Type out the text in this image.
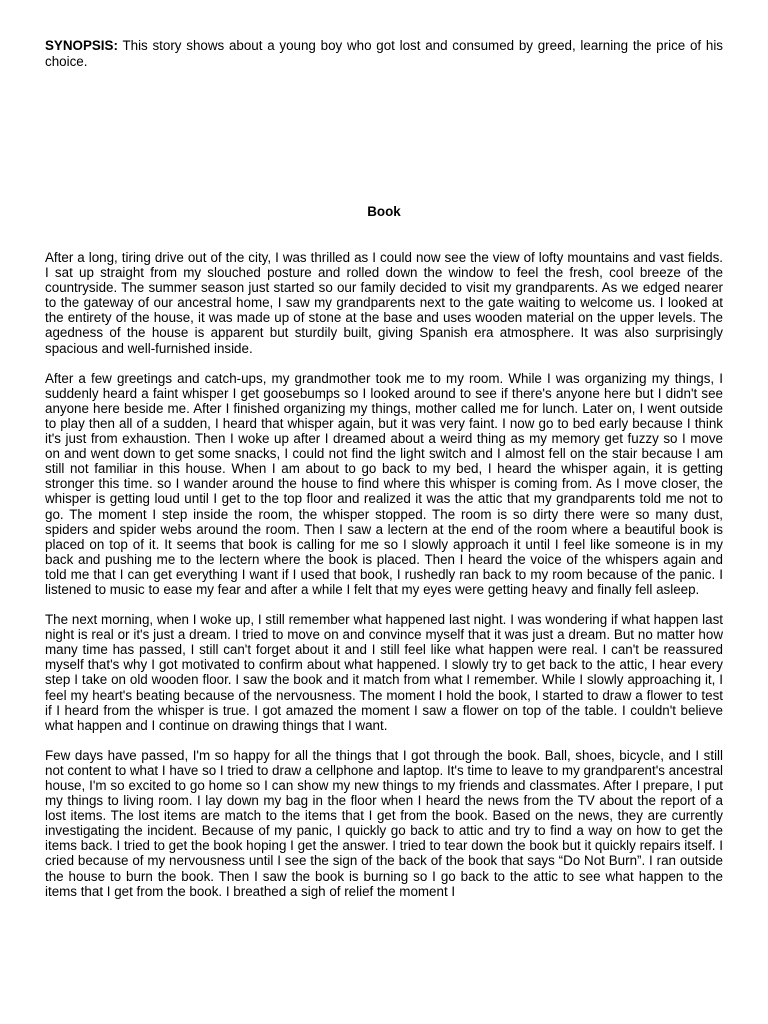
SYNOPSIS: This story shows about a young boy who got lost and consumed by greed, learning the price of his choice.

Book

After a long, tiring drive out of the city, I was thrilled as I could now see the view of lofty mountains and vast fields. I sat up straight from my slouched posture and rolled down the window to feel the fresh, cool breeze of the countryside. The summer season just started so our family decided to visit my grandparents. As we edged nearer to the gateway of our ancestral home, I saw my grandparents next to the gate waiting to welcome us. I looked at the entirety of the house, it was made up of stone at the base and uses wooden material on the upper levels. The agedness of the house is apparent but sturdily built, giving Spanish era atmosphere. It was also surprisingly spacious and well-furnished inside.

After a few greetings and catch-ups, my grandmother took me to my room. While I was organizing my things, I suddenly heard a faint whisper I get goosebumps so I looked around to see if there's anyone here but I didn't see anyone here beside me. After I finished organizing my things, mother called me for lunch. Later on, I went outside to play then all of a sudden, I heard that whisper again, but it was very faint. I now go to bed early because I think it's just from exhaustion. Then I woke up after I dreamed about a weird thing as my memory get fuzzy so I move on and went down to get some snacks, I could not find the light switch and I almost fell on the stair because I am still not familiar in this house. When I am about to go back to my bed, I heard the whisper again, it is getting stronger this time. so I wander around the house to find where this whisper is coming from. As I move closer, the whisper is getting loud until I get to the top floor and realized it was the attic that my grandparents told me not to go. The moment I step inside the room, the whisper stopped. The room is so dirty there were so many dust, spiders and spider webs around the room. Then I saw a lectern at the end of the room where a beautiful book is placed on top of it. It seems that book is calling for me so I slowly approach it until I feel like someone is in my back and pushing me to the lectern where the book is placed. Then I heard the voice of the whispers again and told me that I can get everything I want if I used that book, I rushedly ran back to my room because of the panic. I listened to music to ease my fear and after a while I felt that my eyes were getting heavy and finally fell asleep.

The next morning, when I woke up, I still remember what happened last night. I was wondering if what happen last night is real or it's just a dream. I tried to move on and convince myself that it was just a dream. But no matter how many time has passed, I still can't forget about it and I still feel like what happen were real. I can't be reassured myself that's why I got motivated to confirm about what happened. I slowly try to get back to the attic, I hear every step I take on old wooden floor. I saw the book and it match from what I remember. While I slowly approaching it, I feel my heart's beating because of the nervousness. The moment I hold the book, I started to draw a flower to test if I heard from the whisper is true. I got amazed the moment I saw a flower on top of the table. I couldn't believe what happen and I continue on drawing things that I want.

Few days have passed, I'm so happy for all the things that I got through the book. Ball, shoes, bicycle, and I still not content to what I have so I tried to draw a cellphone and laptop. It's time to leave to my grandparent's ancestral house, I'm so excited to go home so I can show my new things to my friends and classmates. After I prepare, I put my things to living room. I lay down my bag in the floor when I heard the news from the TV about the report of a lost items. The lost items are match to the items that I get from the book. Based on the news, they are currently investigating the incident. Because of my panic, I quickly go back to attic and try to find a way on how to get the items back. I tried to get the book hoping I get the answer. I tried to tear down the book but it quickly repairs itself. I cried because of my nervousness until I see the sign of the back of the book that says “Do Not Burn”. I ran outside the house to burn the book. Then I saw the book is burning so I go back to the attic to see what happen to the items that I get from the book. I breathed a sigh of relief the moment I
